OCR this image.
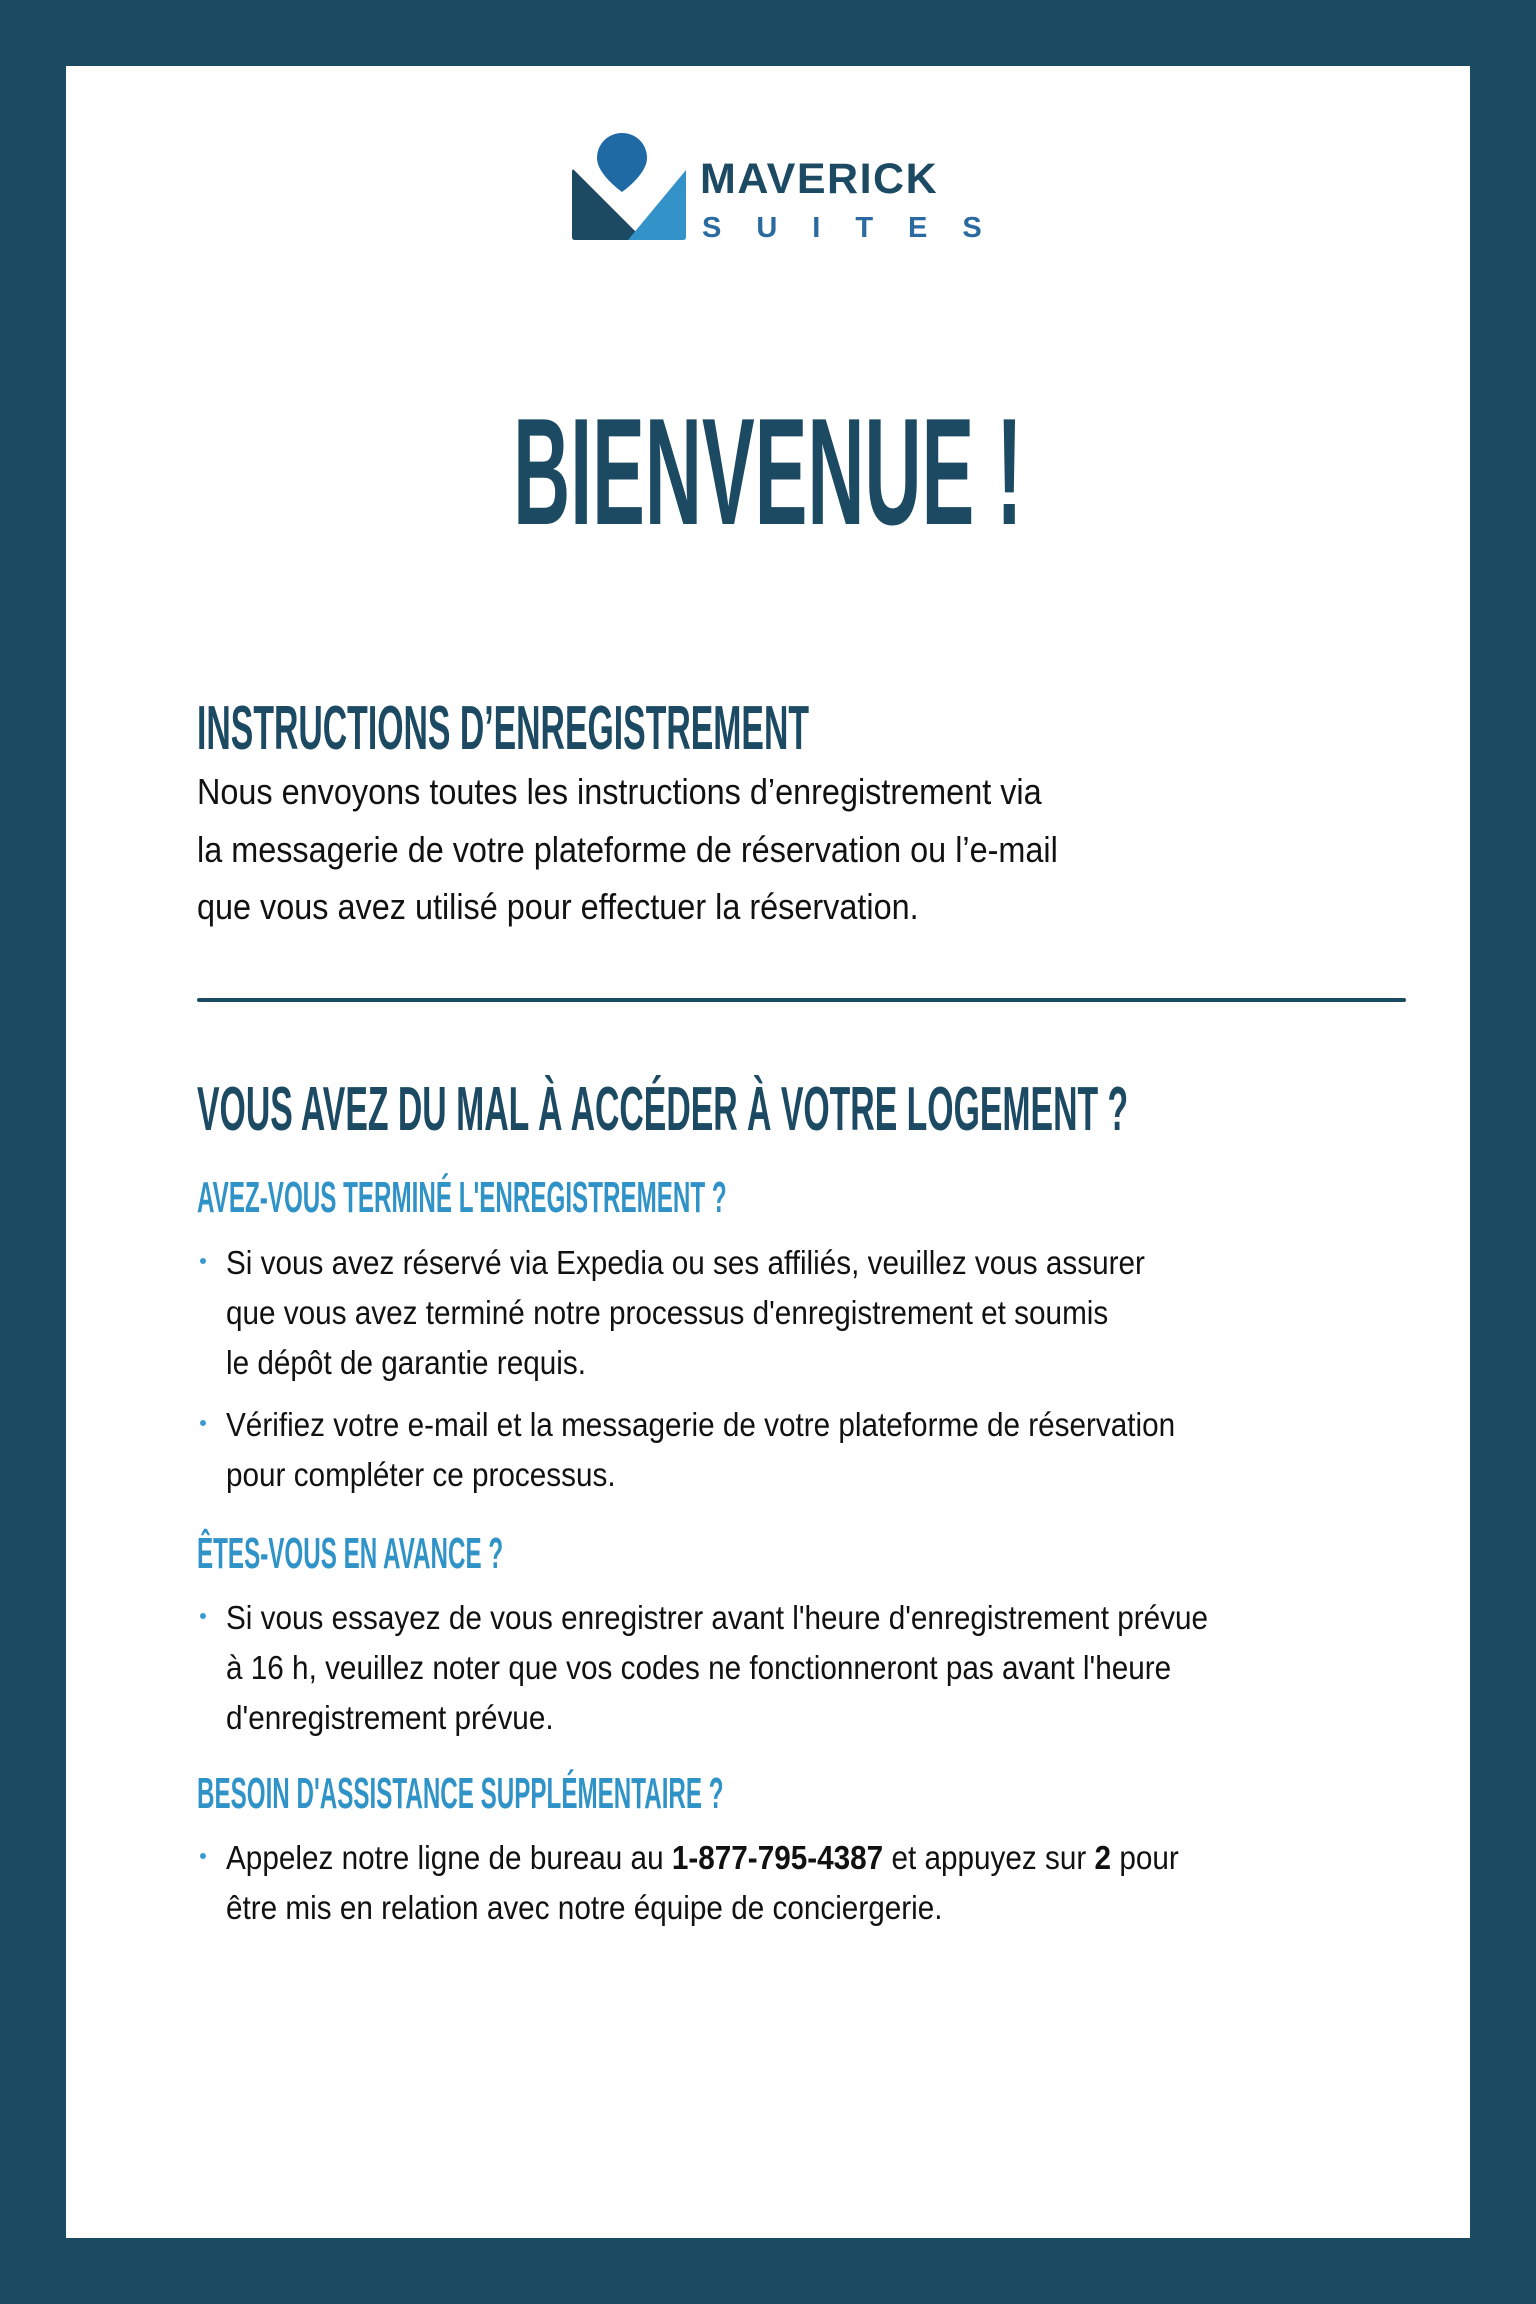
MAVERICK
SUITES
BIENVENUE !
INSTRUCTIONS D’ENREGISTREMENT
Nous envoyons toutes les instructions d’enregistrement via
la messagerie de votre plateforme de réservation ou l’e-mail
que vous avez utilisé pour effectuer la réservation.
VOUS AVEZ DU MAL À ACCÉDER À VOTRE LOGEMENT ?
AVEZ-VOUS TERMINÉ L'ENREGISTREMENT ?
Si vous avez réservé via Expedia ou ses affiliés, veuillez vous assurer
que vous avez terminé notre processus d'enregistrement et soumis
le dépôt de garantie requis.
Vérifiez votre e-mail et la messagerie de votre plateforme de réservation
pour compléter ce processus.
ÊTES-VOUS EN AVANCE ?
Si vous essayez de vous enregistrer avant l'heure d'enregistrement prévue
à 16 h, veuillez noter que vos codes ne fonctionneront pas avant l'heure
d'enregistrement prévue.
BESOIN D'ASSISTANCE SUPPLÉMENTAIRE ?
Appelez notre ligne de bureau au 1-877-795-4387 et appuyez sur 2 pour
être mis en relation avec notre équipe de conciergerie.
